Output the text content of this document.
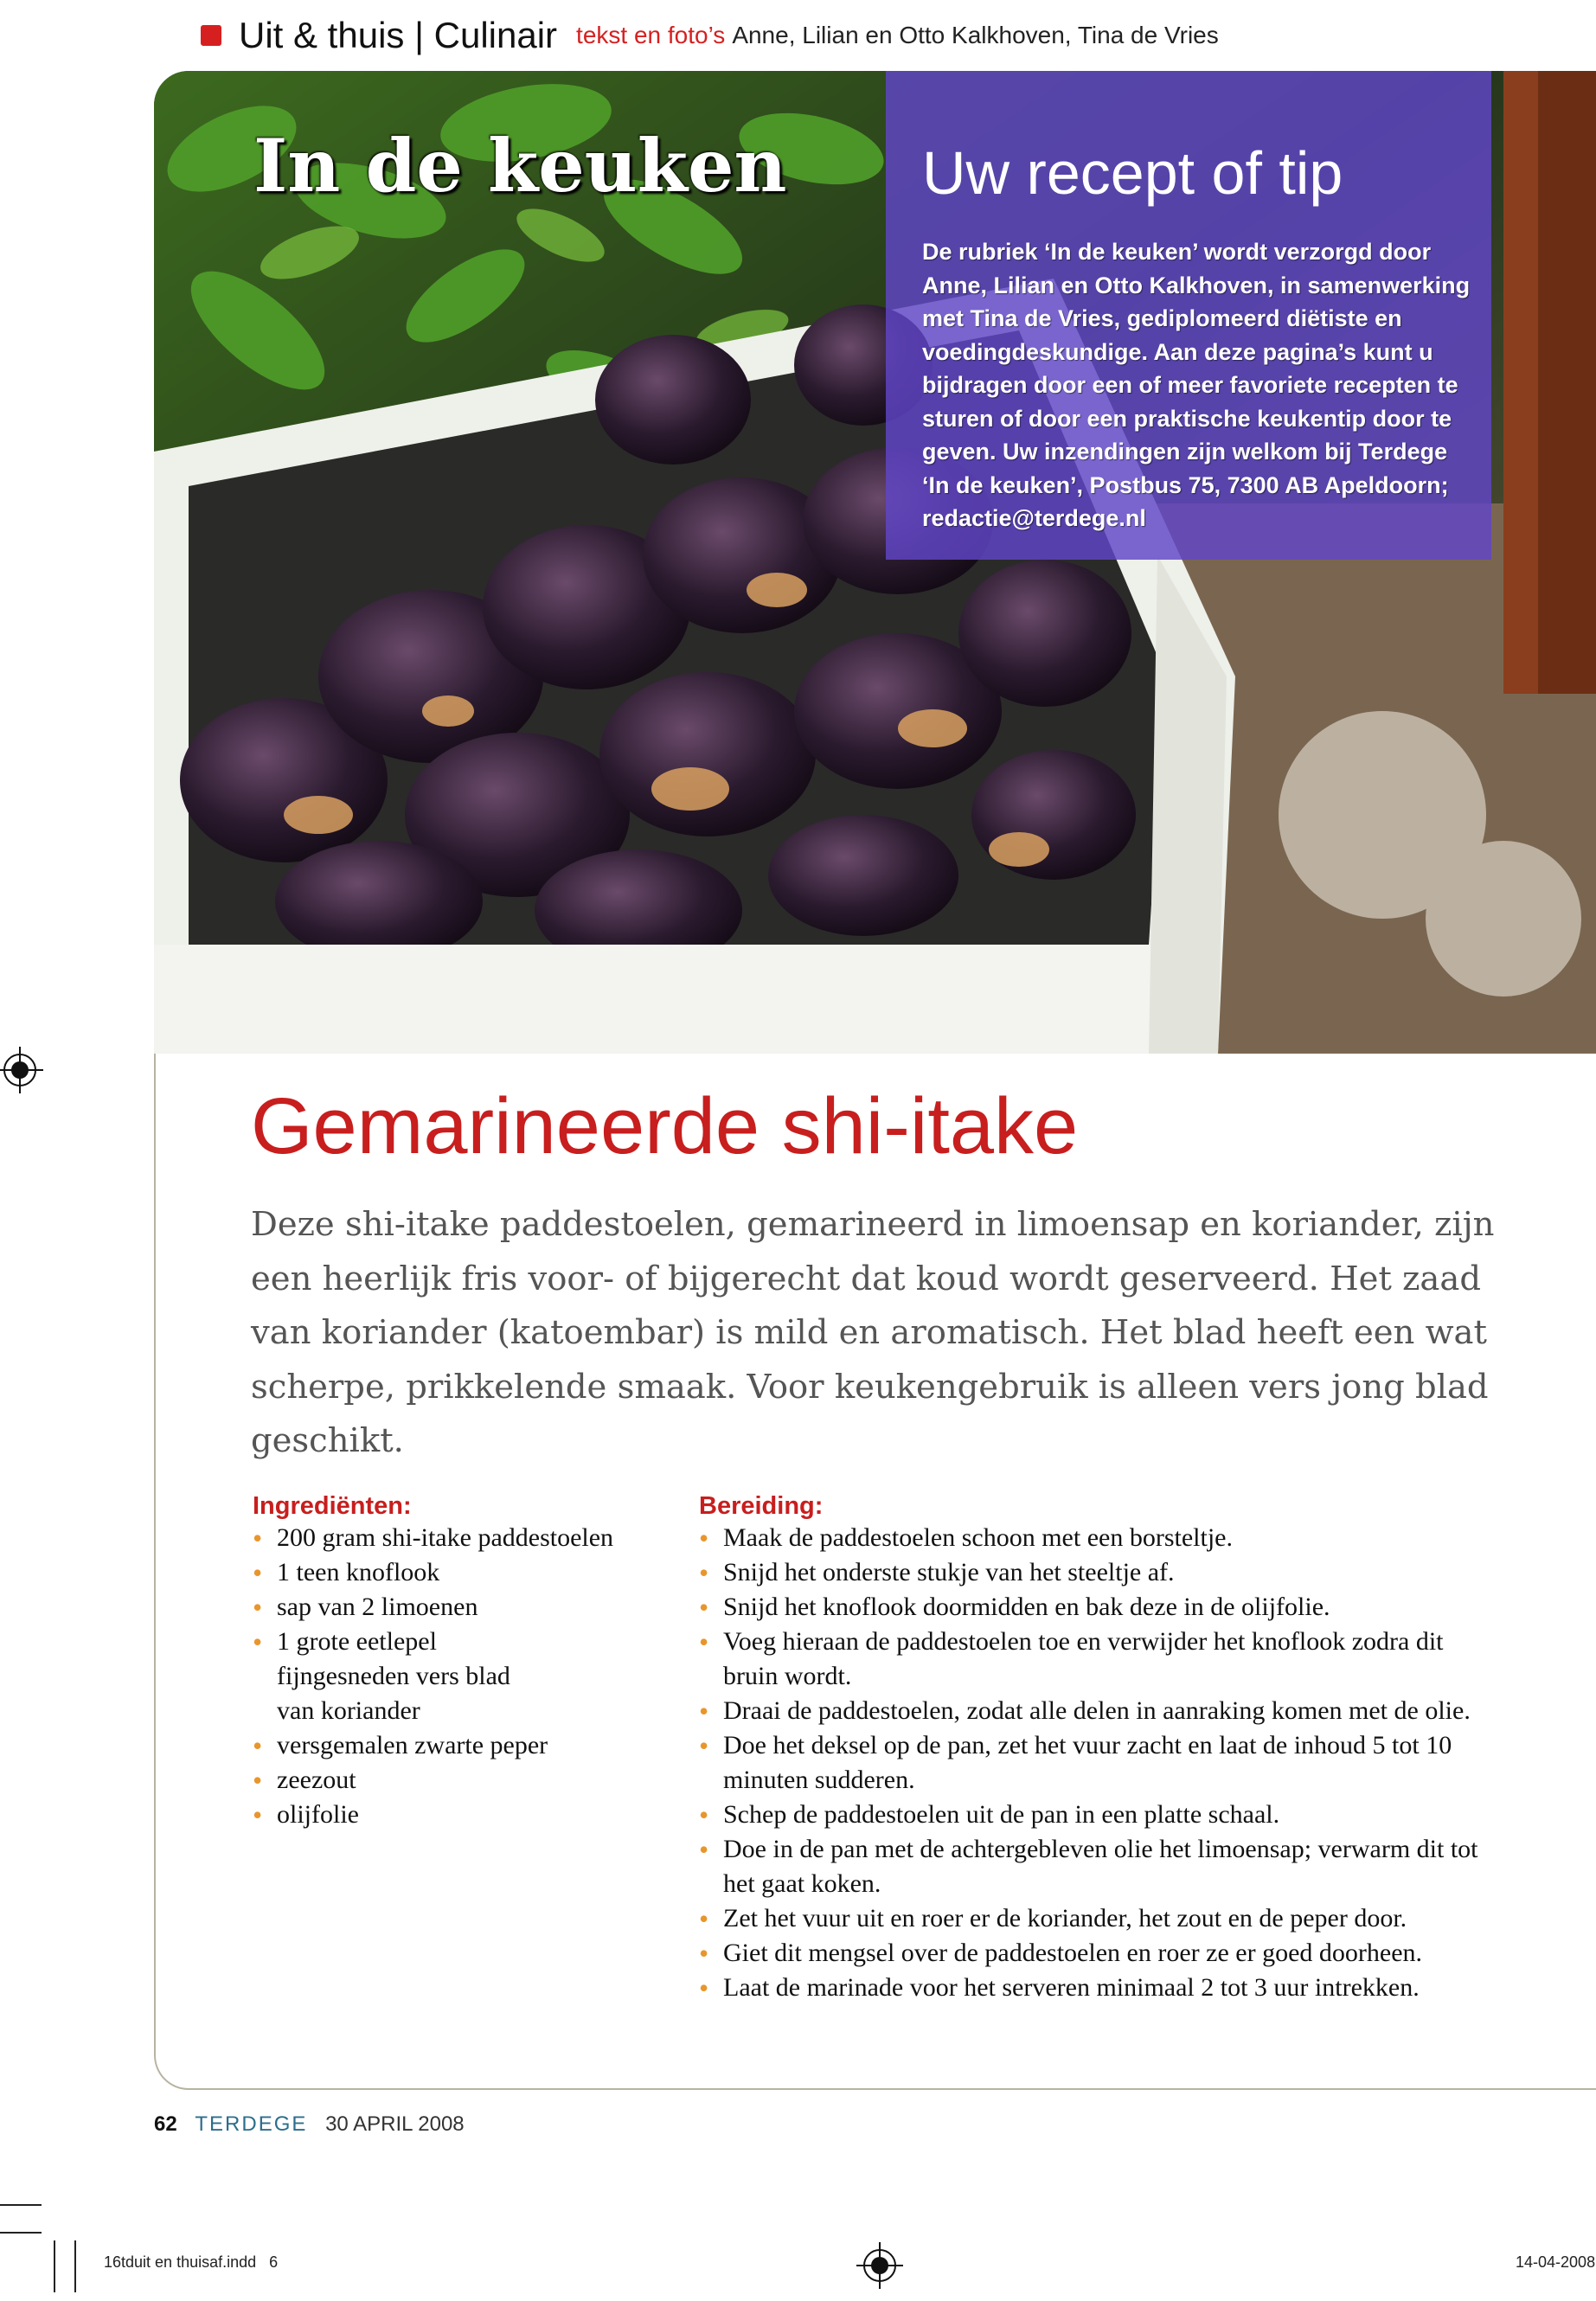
Uit & thuis | Culinair tekst en foto’s Anne, Lilian en Otto Kalkhoven, Tina de Vries
In de keuken Uw recept of tip
De rubriek ‘In de keuken’ wordt verzorgd door Anne, Lilian en Otto Kalkhoven, in samenwerking met Tina de Vries, gediplomeerd diëtiste en voedingdeskundige. Aan deze pagina’s kunt u bijdragen door een of meer favoriete recepten te sturen of door een praktische keukentip door te geven. Uw inzendingen zijn welkom bij Terdege ‘In de keuken’, Postbus 75, 7300 AB Apeldoorn; redactie@terdege.nl
Gemarineerde shi-itake

Deze shi-itake paddestoelen, gemarineerd in limoensap en koriander, zijn een heerlijk fris voor- of bijgerecht dat koud wordt geserveerd. Het zaad van koriander (katoembar) is mild en aromatisch. Het blad heeft een wat scherpe, prikkelende smaak. Voor keukengebruik is alleen vers jong blad geschikt.

Ingrediënten:
• 200 gram shi-itake paddestoelen
• 1 teen knoflook
• sap van 2 limoenen
• 1 grote eetlepel fijngesneden vers blad van koriander
• versgemalen zwarte peper
• zeezout
• olijfolie
Bereiding:
• Maak de paddestoelen schoon met een borsteltje.
• Snijd het onderste stukje van het steeltje af.
• Snijd het knoflook doormidden en bak deze in de olijfolie.
• Voeg hieraan de paddestoelen toe en verwijder het knoflook zodra dit bruin wordt.
• Draai de paddestoelen, zodat alle delen in aanraking komen met de olie.
• Doe het deksel op de pan, zet het vuur zacht en laat de inhoud 5 tot 10 minuten sudderen.
• Schep de paddestoelen uit de pan in een platte schaal.
• Doe in de pan met de achtergebleven olie het limoensap; verwarm dit tot het gaat koken.
• Zet het vuur uit en roer er de koriander, het zout en de peper door.
• Giet dit mengsel over de paddestoelen en roer ze er goed doorheen.
• Laat de marinade voor het serveren minimaal 2 tot 3 uur intrekken.
62 TERDEGE 30 APRIL 2008
16tduit en thuisaf.indd   6	14-04-2008
